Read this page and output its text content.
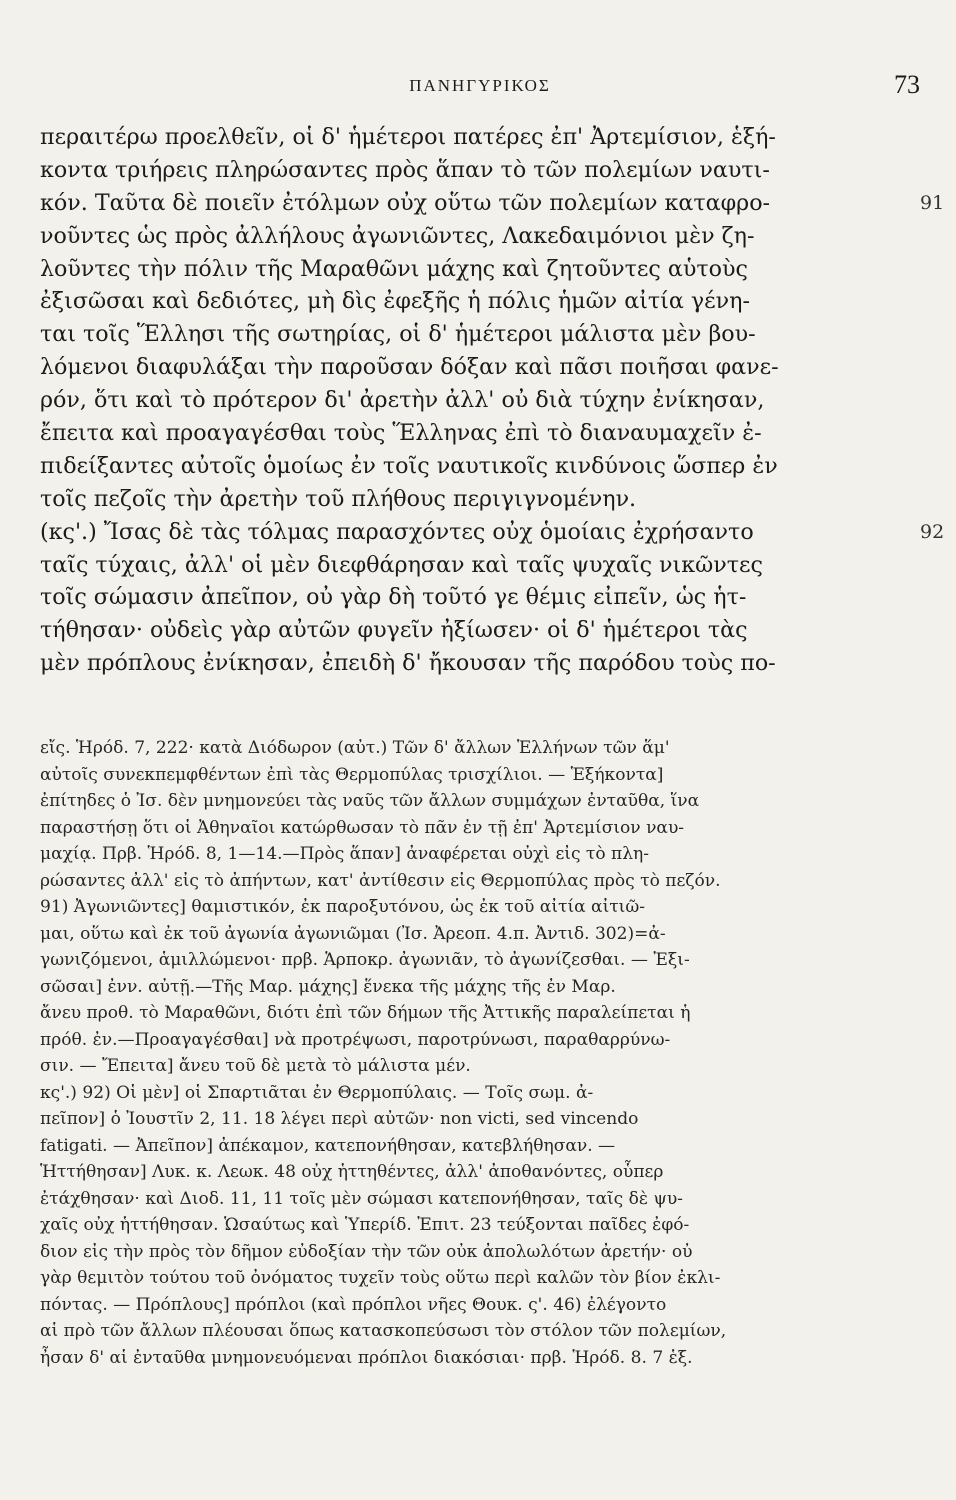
ΠΑΝΗΓΥΡΙΚΟΣ	73
περαιτέρω προελθεῖν, οἱ δ' ἡμέτεροι πατέρες ἐπ' Ἀρτεμίσιον, ἑξή-
κοντα τριήρεις πληρώσαντες πρὸς ἅπαν τὸ τῶν πολεμίων ναυτι-
κόν. Ταῦτα δὲ ποιεῖν ἐτόλμων οὐχ οὕτω τῶν πολεμίων καταφρο-	91
νοῦντες ὡς πρὸς ἀλλήλους ἀγωνιῶντες, Λακεδαιμόνιοι μὲν ζη-
λοῦντες τὴν πόλιν τῆς Μαραθῶνι μάχης καὶ ζητοῦντες αὑτοὺς
ἐξισῶσαι καὶ δεδιότες, μὴ δὶς ἐφεξῆς ἡ πόλις ἡμῶν αἰτία γένη-
ται τοῖς Ἕλλησι τῆς σωτηρίας, οἱ δ' ἡμέτεροι μάλιστα μὲν βου-
λόμενοι διαφυλάξαι τὴν παροῦσαν δόξαν καὶ πᾶσι ποιῆσαι φανε-
ρόν, ὅτι καὶ τὸ πρότερον δι' ἀρετὴν ἀλλ' οὐ διὰ τύχην ἐνίκησαν,
ἔπειτα καὶ προαγαγέσθαι τοὺς Ἕλληνας ἐπὶ τὸ διαναυμαχεῖν ἐ-
πιδείξαντες αὐτοῖς ὁμοίως ἐν τοῖς ναυτικοῖς κινδύνοις ὥσπερ ἐν
τοῖς πεζοῖς τὴν ἀρετὴν τοῦ πλήθους περιγιγνομένην.
(κς'.) Ἴσας δὲ τὰς τόλμας παρασχόντες οὐχ ὁμοίαις ἐχρήσαντο	92
ταῖς τύχαις, ἀλλ' οἱ μὲν διεφθάρησαν καὶ ταῖς ψυχαῖς νικῶντες
τοῖς σώμασιν ἀπεῖπον, οὐ γὰρ δὴ τοῦτό γε θέμις εἰπεῖν, ὡς ἡτ-
τήθησαν· οὐδεὶς γὰρ αὐτῶν φυγεῖν ἠξίωσεν· οἱ δ' ἡμέτεροι τὰς
μὲν πρόπλους ἐνίκησαν, ἐπειδὴ δ' ἤκουσαν τῆς παρόδου τοὺς πο-
εἴς. Ἡρόδ. 7, 222· κατὰ Διόδωρον (αὐτ.) Τῶν δ' ἄλλων Ἑλλήνων τῶν ἅμ'
αὐτοῖς συνεκπεμφθέντων ἐπὶ τὰς Θερμοπύλας τρισχίλιοι. — Ἑξήκοντα]
ἐπίτηδες ὁ Ἰσ. δὲν μνημονεύει τὰς ναῦς τῶν ἄλλων συμμάχων ἐνταῦθα, ἵνα
παραστήσῃ ὅτι οἱ Ἀθηναῖοι κατώρθωσαν τὸ πᾶν ἐν τῇ ἐπ' Ἀρτεμίσιον ναυ-
μαχίᾳ. Πρβ. Ἡρόδ. 8, 1—14.—Πρὸς ἅπαν] ἀναφέρεται οὐχὶ εἰς τὸ πλη-
ρώσαντες ἀλλ' εἰς τὸ ἀπήντων, κατ' ἀντίθεσιν εἰς Θερμοπύλας πρὸς τὸ πεζόν.
91) Ἀγωνιῶντες] θαμιστικόν, ἐκ παροξυτόνου, ὡς ἐκ τοῦ αἰτία αἰτιῶ-
μαι, οὕτω καὶ ἐκ τοῦ ἀγωνία ἀγωνιῶμαι (Ἰσ. Ἀρεοπ. 4.π. Ἀντιδ. 302)=ἀ-
γωνιζόμενοι, ἁμιλλώμενοι· πρβ. Ἁρποκρ. ἀγωνιᾶν, τὸ ἀγωνίζεσθαι. — Ἐξι-
σῶσαι] ἐνν. αὐτῇ.—Τῆς Μαρ. μάχης] ἕνεκα τῆς μάχης τῆς ἐν Μαρ.
ἄνευ προθ. τὸ Μαραθῶνι, διότι ἐπὶ τῶν δήμων τῆς Ἀττικῆς παραλείπεται ἡ
πρόθ. ἐν.—Προαγαγέσθαι] νὰ προτρέψωσι, παροτρύνωσι, παραθαρρύνω-
σιν. — Ἔπειτα] ἄνευ τοῦ δὲ μετὰ τὸ μάλιστα μέν.
κς'.) 92) Οἱ μὲν] οἱ Σπαρτιᾶται ἐν Θερμοπύλαις. — Τοῖς σωμ. ἀ-
πεῖπον] ὁ Ἰουστῖν 2, 11. 18 λέγει περὶ αὐτῶν· non victi, sed vincendo
fatigati. — Ἀπεῖπον] ἀπέκαμον, κατεπονήθησαν, κατεβλήθησαν. —
Ἡττήθησαν] Λυκ. κ. Λεωκ. 48 οὐχ ἡττηθέντες, ἀλλ' ἀποθανόντες, οὗπερ
ἐτάχθησαν· καὶ Διοδ. 11, 11 τοῖς μὲν σώμασι κατεπονήθησαν, ταῖς δὲ ψυ-
χαῖς οὐχ ἡττήθησαν. Ὡσαύτως καὶ Ὑπερίδ. Ἐπιτ. 23 τεύξονται παῖδες ἐφό-
διον εἰς τὴν πρὸς τὸν δῆμον εὐδοξίαν τὴν τῶν οὐκ ἀπολωλότων ἀρετήν· οὐ
γὰρ θεμιτὸν τούτου τοῦ ὀνόματος τυχεῖν τοὺς οὕτω περὶ καλῶν τὸν βίον ἐκλι-
πόντας. — Πρόπλους] πρόπλοι (καὶ πρόπλοι νῆες Θουκ. ς'. 46) ἐλέγοντο
αἱ πρὸ τῶν ἄλλων πλέουσαι ὅπως κατασκοπεύσωσι τὸν στόλον τῶν πολεμίων,
ἦσαν δ' αἱ ἐνταῦθα μνημονευόμεναι πρόπλοι διακόσιαι· πρβ. Ἡρόδ. 8. 7 ἑξ.
